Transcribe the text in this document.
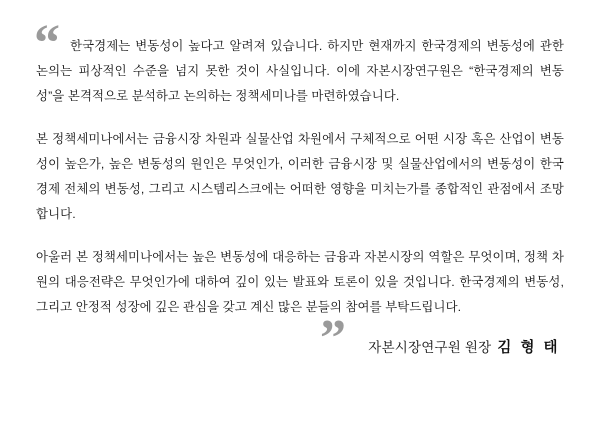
“ 한국경제는 변동성이 높다고 알려져 있습니다. 하지만 현재까지 한국경제의 변동성에 관한 논의는 피상적인 수준을 넘지 못한 것이 사실입니다. 이에 자본시장연구원은 “한국경제의 변동성”을 본격적으로 분석하고 논의하는 정책세미나를 마련하였습니다.

본 정책세미나에서는 금융시장 차원과 실물산업 차원에서 구체적으로 어떤 시장 혹은 산업이 변동성이 높은가, 높은 변동성의 원인은 무엇인가, 이러한 금융시장 및 실물산업에서의 변동성이 한국경제 전체의 변동성, 그리고 시스템리스크에는 어떠한 영향을 미치는가를 종합적인 관점에서 조망합니다.

아울러 본 정책세미나에서는 높은 변동성에 대응하는 금융과 자본시장의 역할은 무엇이며, 정책 차원의 대응전략은 무엇인가에 대하여 깊이 있는 발표와 토론이 있을 것입니다. 한국경제의 변동성, 그리고 안정적 성장에 깊은 관심을 갖고 계신 많은 분들의 참여를 부탁드립니다.

”	자본시장연구원 원장 김 형 태
